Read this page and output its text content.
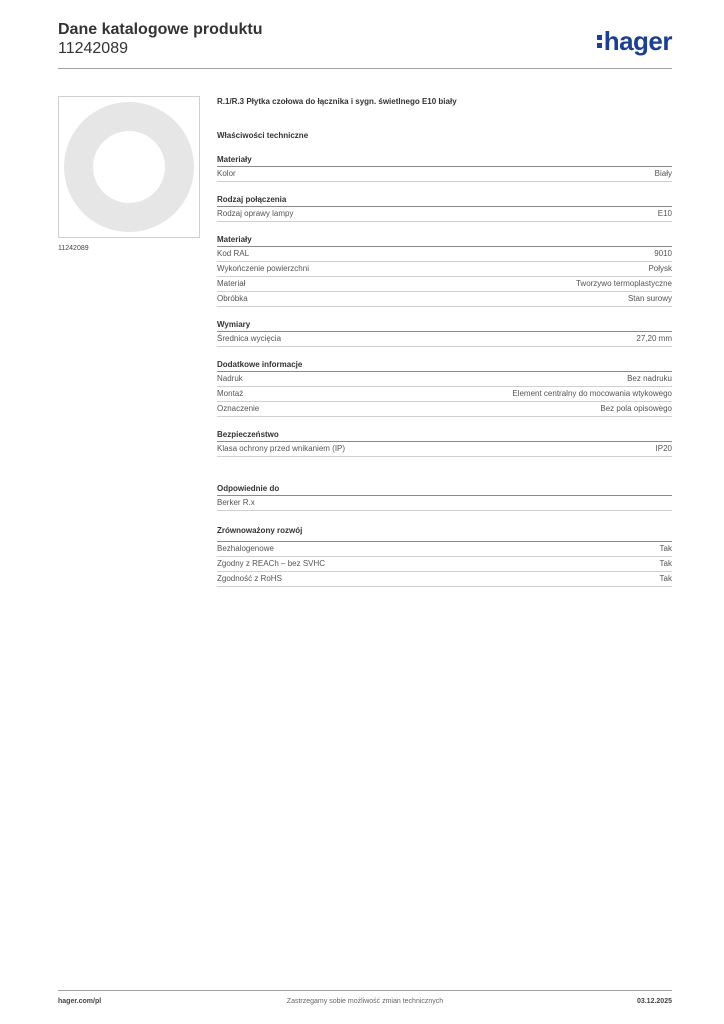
Dane katalogowe produktu
11242089	hager
11242089
R.1/R.3 Płytka czołowa do łącznika i sygn. świetlnego E10 biały
Właściwości techniczne
Materiały
Kolor	Biały
Rodzaj połączenia
Rodzaj oprawy lampy	E10
Materiały
Kod RAL	9010
Wykończenie powierzchni	Połysk
Materiał	Tworzywo termoplastyczne
Obróbka	Stan surowy
Wymiary
Średnica wycięcia	27,20 mm
Dodatkowe informacje
Nadruk	Bez nadruku
Montaż	Element centralny do mocowania wtykowego
Oznaczenie	Bez pola opisowego
Bezpieczeństwo
Klasa ochrony przed wnikaniem (IP)	IP20
Odpowiednie do
Berker R.x
Zrównoważony rozwój
Bezhalogenowe	Tak
Zgodny z REACh – bez SVHC	Tak
Zgodność z RoHS	Tak
hager.com/pl	Zastrzegamy sobie możliwość zmian technicznych	03.12.2025
